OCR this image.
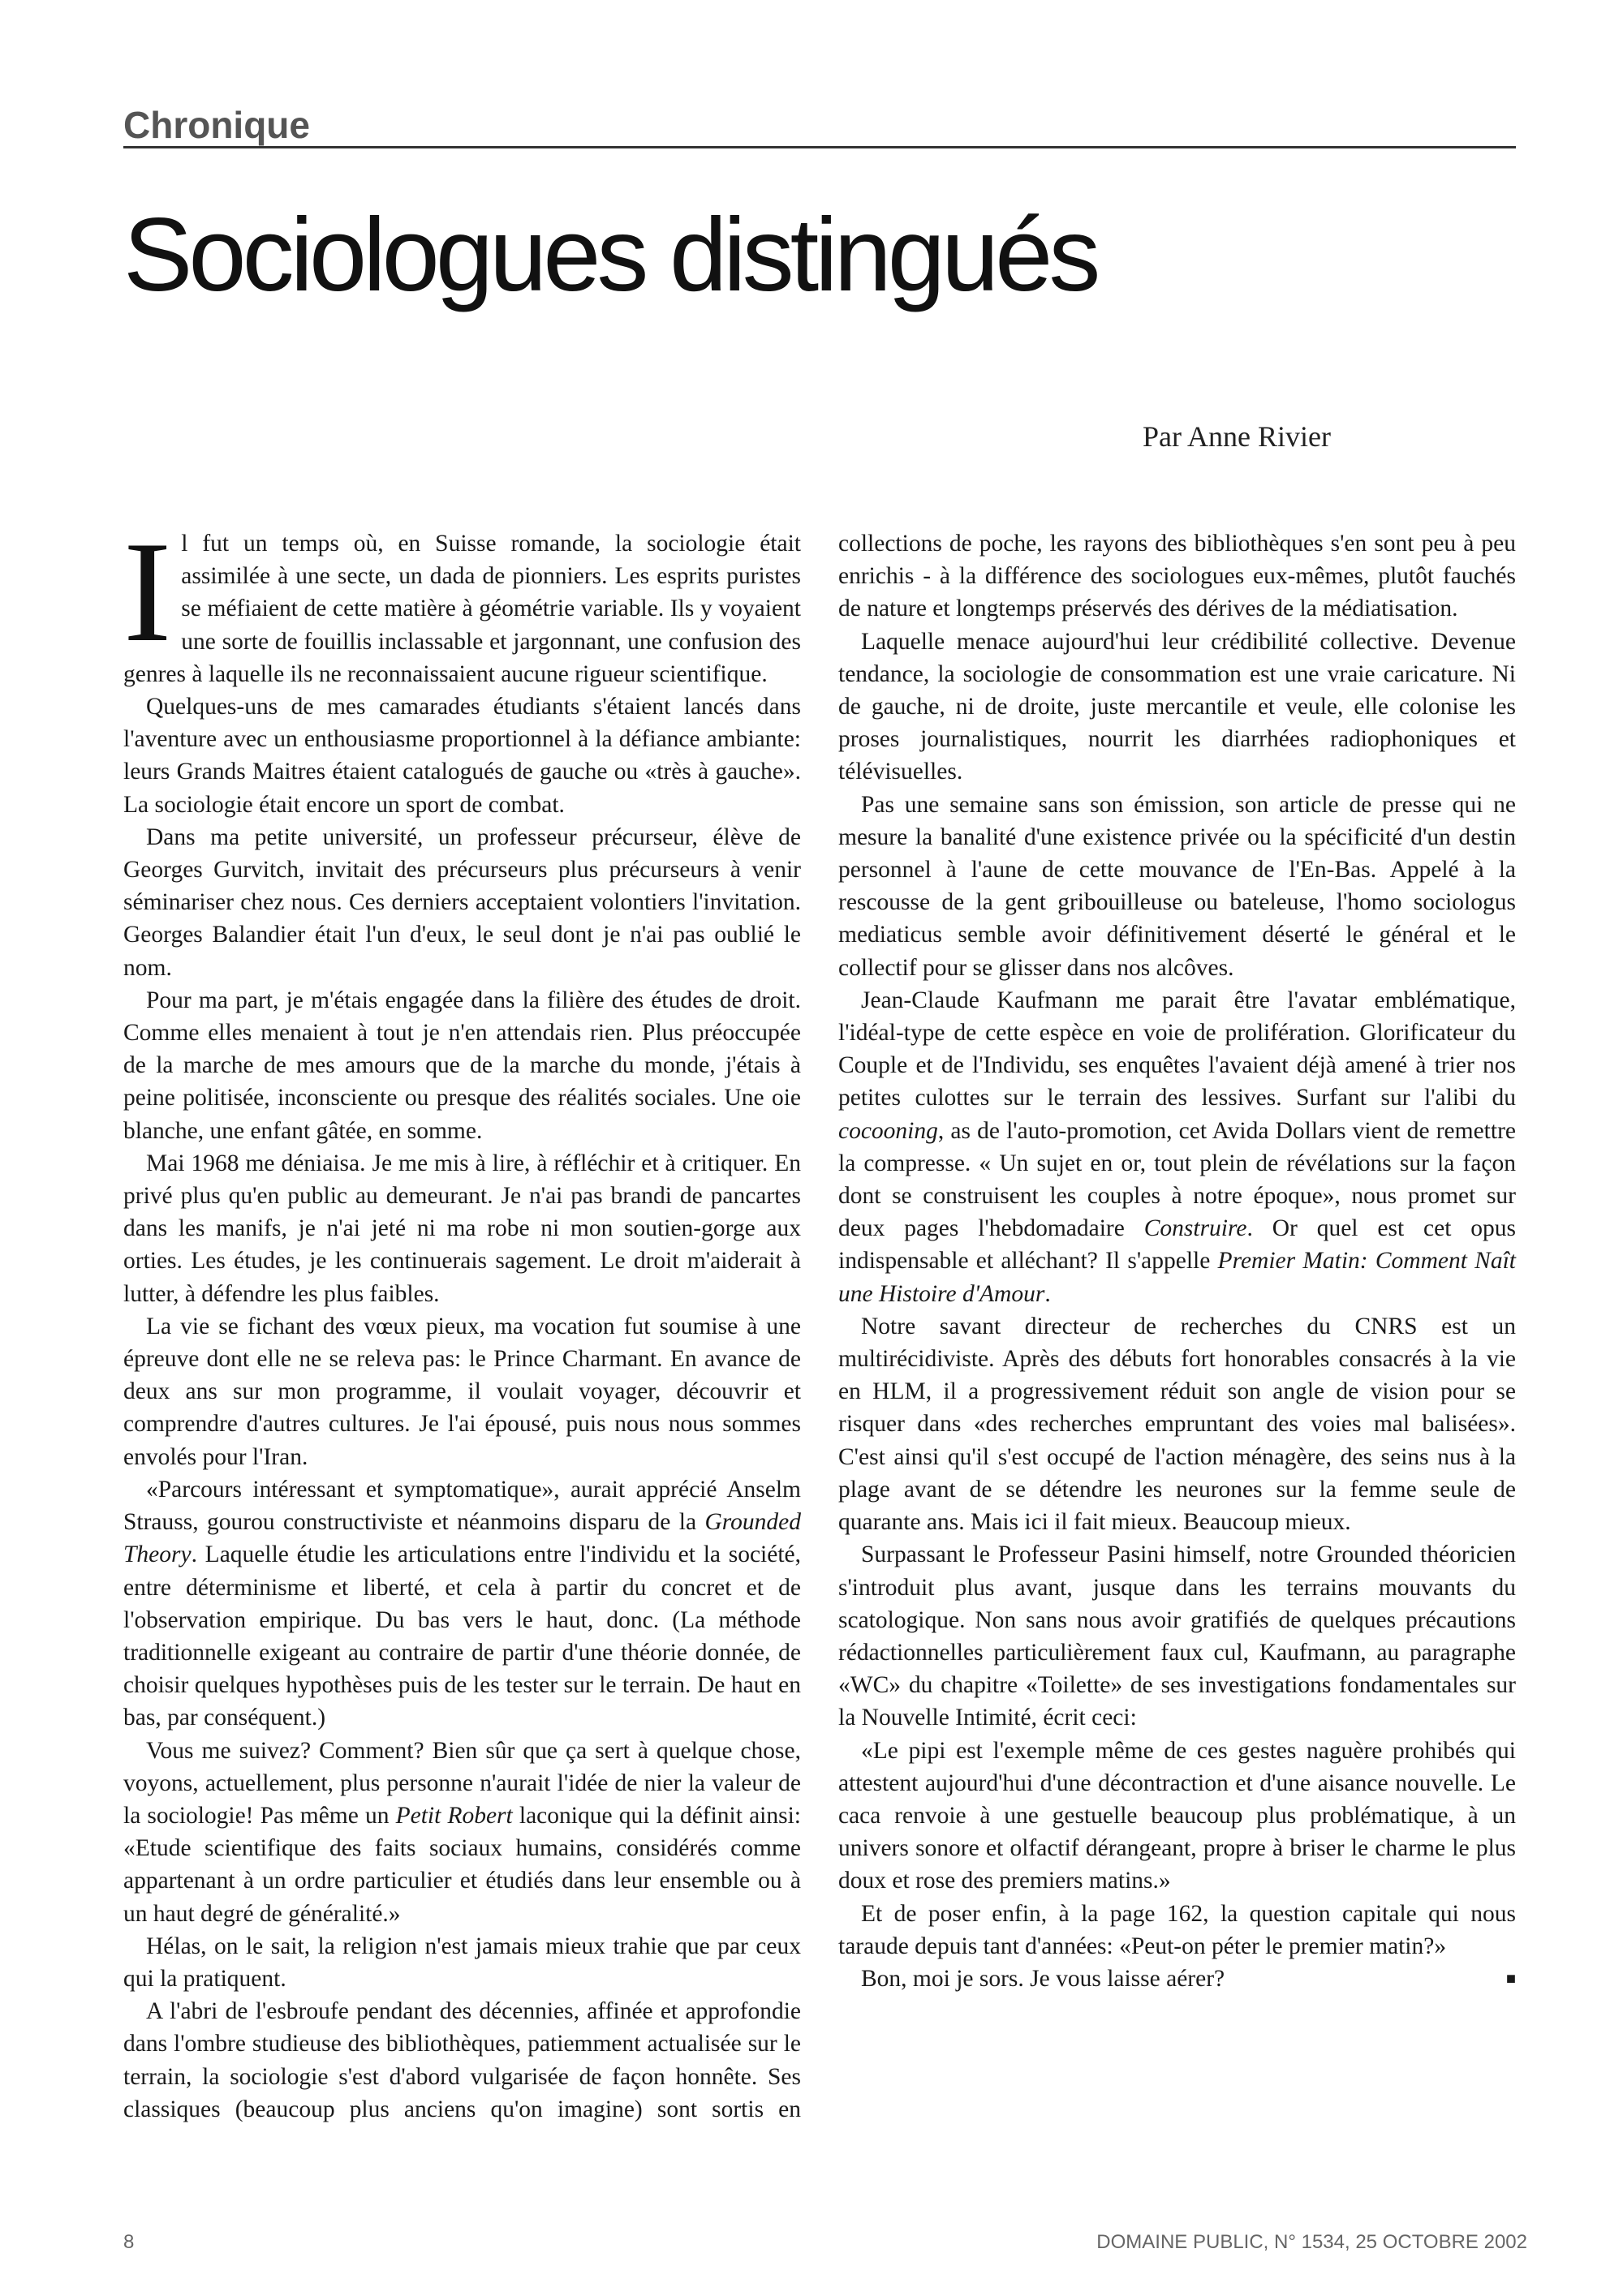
Chronique
Sociologues distingués
Par Anne Rivier

Il fut un temps où, en Suisse romande, la sociologie était assimilée à une secte, un dada de pionniers. Les esprits puristes se méfiaient de cette matière à géométrie variable. Ils y voyaient une sorte de fouillis inclassable et jargonnant, une confusion des genres à laquelle ils ne reconnaissaient aucune rigueur scientifique.

Quelques-uns de mes camarades étudiants s'étaient lancés dans l'aventure avec un enthousiasme proportionnel à la défiance ambiante: leurs Grands Maitres étaient catalogués de gauche ou «très à gauche». La sociologie était encore un sport de combat.

Dans ma petite université, un professeur précurseur, élève de Georges Gurvitch, invitait des précurseurs plus précurseurs à venir séminariser chez nous. Ces derniers acceptaient volontiers l'invitation. Georges Balandier était l'un d'eux, le seul dont je n'ai pas oublié le nom.

Pour ma part, je m'étais engagée dans la filière des études de droit. Comme elles menaient à tout je n'en attendais rien. Plus préoccupée de la marche de mes amours que de la marche du monde, j'étais à peine politisée, inconsciente ou presque des réalités sociales. Une oie blanche, une enfant gâtée, en somme.

Mai 1968 me déniaisa. Je me mis à lire, à réfléchir et à critiquer. En privé plus qu'en public au demeurant. Je n'ai pas brandi de pancartes dans les manifs, je n'ai jeté ni ma robe ni mon soutien-gorge aux orties. Les études, je les continuerais sagement. Le droit m'aiderait à lutter, à défendre les plus faibles.

La vie se fichant des vœux pieux, ma vocation fut soumise à une épreuve dont elle ne se releva pas: le Prince Charmant. En avance de deux ans sur mon programme, il voulait voyager, découvrir et comprendre d'autres cultures. Je l'ai épousé, puis nous nous sommes envolés pour l'Iran.

«Parcours intéressant et symptomatique», aurait apprécié Anselm Strauss, gourou constructiviste et néanmoins disparu de la Grounded Theory. Laquelle étudie les articulations entre l'individu et la société, entre déterminisme et liberté, et cela à partir du concret et de l'observation empirique. Du bas vers le haut, donc. (La méthode traditionnelle exigeant au contraire de partir d'une théorie donnée, de choisir quelques hypothèses puis de les tester sur le terrain. De haut en bas, par conséquent.)

Vous me suivez? Comment? Bien sûr que ça sert à quelque chose, voyons, actuellement, plus personne n'aurait l'idée de nier la valeur de la sociologie! Pas même un Petit Robert laconique qui la définit ainsi: «Etude scientifique des faits sociaux humains, considérés comme appartenant à un ordre particulier et étudiés dans leur ensemble ou à un haut degré de généralité.»

Hélas, on le sait, la religion n'est jamais mieux trahie que par ceux qui la pratiquent.

A l'abri de l'esbroufe pendant des décennies, affinée et approfondie dans l'ombre studieuse des bibliothèques, patiemment actualisée sur le terrain, la sociologie s'est d'abord vulgarisée de façon honnête. Ses classiques (beaucoup plus anciens qu'on imagine) sont sortis en collections de poche, les rayons des bibliothèques s'en sont peu à peu enrichis - à la différence des sociologues eux-mêmes, plutôt fauchés de nature et longtemps préservés des dérives de la médiatisation.

Laquelle menace aujourd'hui leur crédibilité collective. Devenue tendance, la sociologie de consommation est une vraie caricature. Ni de gauche, ni de droite, juste mercantile et veule, elle colonise les proses journalistiques, nourrit les diarrhées radiophoniques et télévisuelles.

Pas une semaine sans son émission, son article de presse qui ne mesure la banalité d'une existence privée ou la spécificité d'un destin personnel à l'aune de cette mouvance de l'En-Bas. Appelé à la rescousse de la gent gribouilleuse ou bateleuse, l'homo sociologus mediaticus semble avoir définitivement déserté le général et le collectif pour se glisser dans nos alcôves.

Jean-Claude Kaufmann me parait être l'avatar emblématique, l'idéal-type de cette espèce en voie de prolifération. Glorificateur du Couple et de l'Individu, ses enquêtes l'avaient déjà amené à trier nos petites culottes sur le terrain des lessives. Surfant sur l'alibi du cocooning, as de l'auto-promotion, cet Avida Dollars vient de remettre la compresse. « Un sujet en or, tout plein de révélations sur la façon dont se construisent les couples à notre époque», nous promet sur deux pages l'hebdomadaire Construire. Or quel est cet opus indispensable et alléchant? Il s'appelle Premier Matin: Comment Naît une Histoire d'Amour.

Notre savant directeur de recherches du CNRS est un multirécidiviste. Après des débuts fort honorables consacrés à la vie en HLM, il a progressivement réduit son angle de vision pour se risquer dans «des recherches empruntant des voies mal balisées». C'est ainsi qu'il s'est occupé de l'action ménagère, des seins nus à la plage avant de se détendre les neurones sur la femme seule de quarante ans. Mais ici il fait mieux. Beaucoup mieux.

Surpassant le Professeur Pasini himself, notre Grounded théoricien s'introduit plus avant, jusque dans les terrains mouvants du scatologique. Non sans nous avoir gratifiés de quelques précautions rédactionnelles particulièrement faux cul, Kaufmann, au paragraphe «WC» du chapitre «Toilette» de ses investigations fondamentales sur la Nouvelle Intimité, écrit ceci:

«Le pipi est l'exemple même de ces gestes naguère prohibés qui attestent aujourd'hui d'une décontraction et d'une aisance nouvelle. Le caca renvoie à une gestuelle beaucoup plus problématique, à un univers sonore et olfactif dérangeant, propre à briser le charme le plus doux et rose des premiers matins.»

Et de poser enfin, à la page 162, la question capitale qui nous taraude depuis tant d'années: «Peut-on péter le premier matin?»

Bon, moi je sors. Je vous laisse aérer? ■

8	DOMAINE PUBLIC, N° 1534, 25 OCTOBRE 2002
